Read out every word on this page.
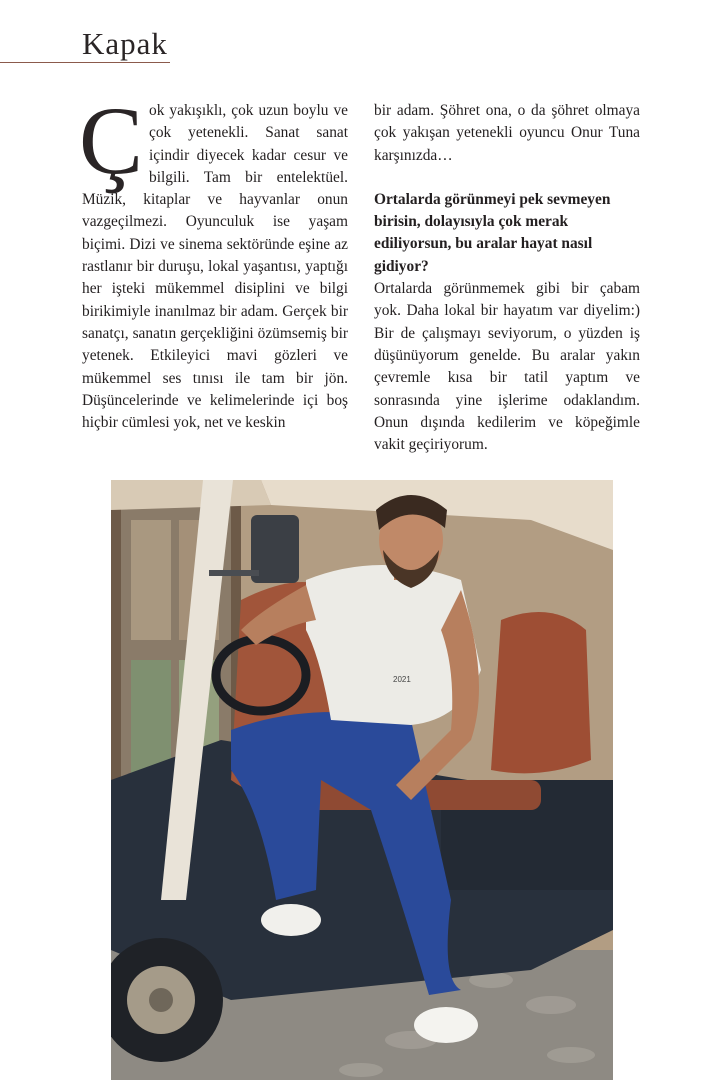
Kapak

Çok yakışıklı, çok uzun boylu ve çok yetenekli. Sanat sanat içindir diyecek kadar cesur ve bilgili. Tam bir entelektüel. Müzik, kitaplar ve hayvanlar onun vazgeçilmezi. Oyunculuk ise yaşam biçimi. Dizi ve sinema sektöründe eşine az rastlanır bir duruşu, lokal yaşantısı, yaptığı her işteki mükemmel disiplini ve bilgi birikimiyle inanılmaz bir adam. Gerçek bir sanatçı, sanatın gerçekliğini özümsemiş bir yetenek. Etkileyici mavi gözleri ve mükemmel ses tınısı ile tam bir jön. Düşüncelerinde ve kelimelerinde içi boş hiçbir cümlesi yok, net ve keskin

bir adam. Şöhret ona, o da şöhret olmaya çok yakışan yetenekli oyuncu Onur Tuna karşınızda…

Ortalarda görünmeyi pek sevmeyen birisin, dolayısıyla çok merak ediliyorsun, bu aralar hayat nasıl gidiyor?

Ortalarda görünmemek gibi bir çabam yok. Daha lokal bir hayatım var diyelim:) Bir de çalışmayı seviyorum, o yüzden iş düşünüyorum genelde. Bu aralar yakın çevremle kısa bir tatil yaptım ve sonrasında yine işlerime odaklandım. Onun dışında kedilerim ve köpeğimle vakit geçiriyorum.

2021
